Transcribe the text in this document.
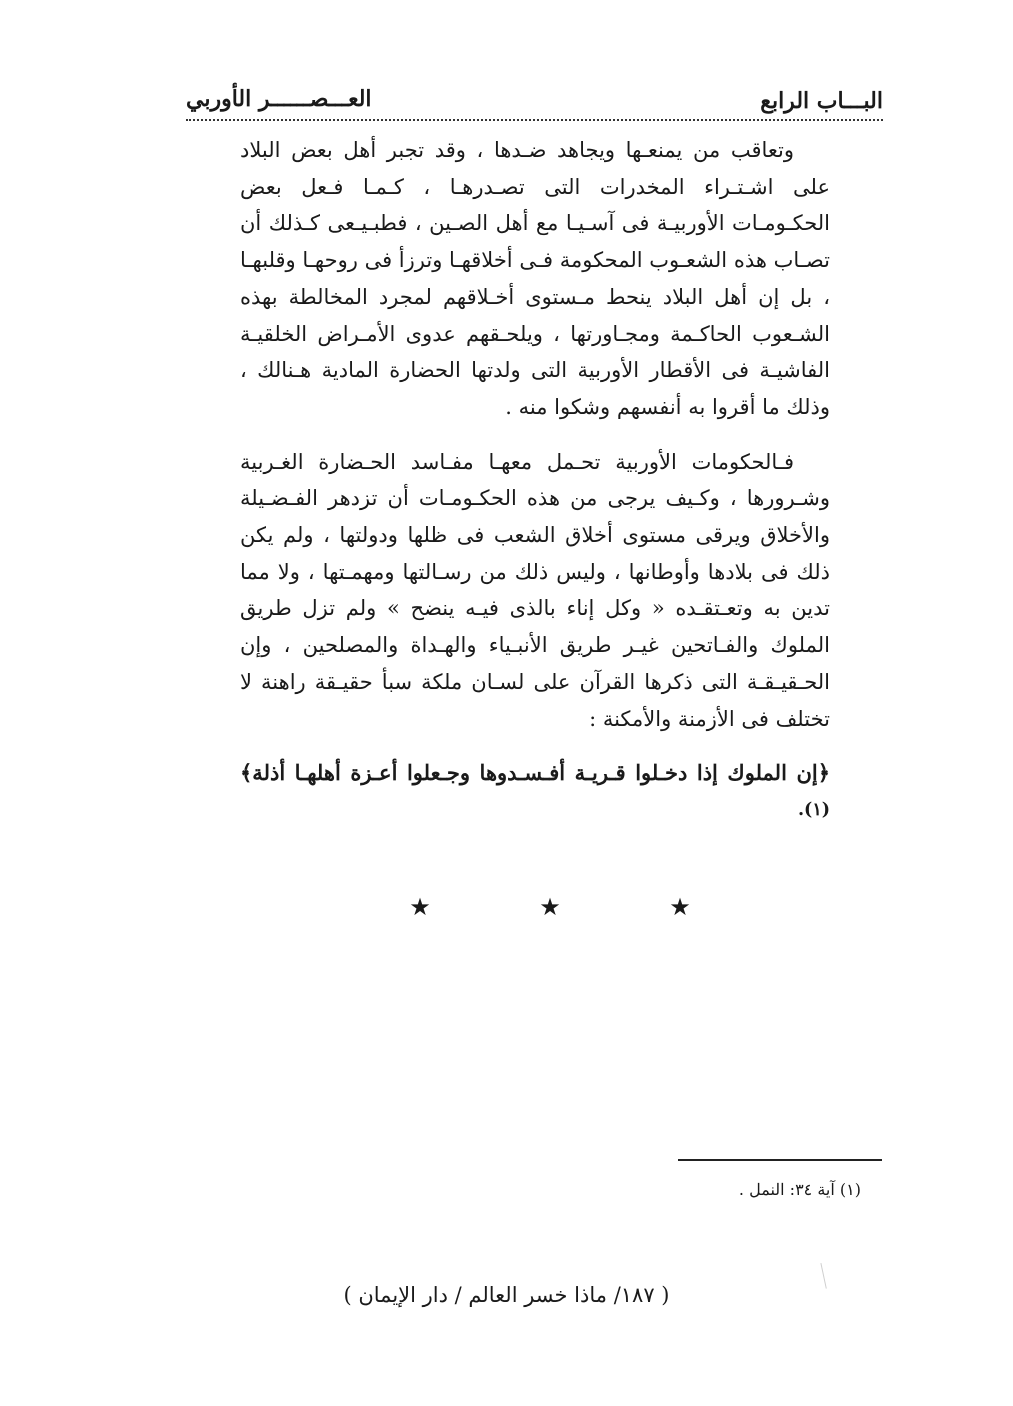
البـــاب الرابع
العـــصــــــر الأوربي

وتعاقب من يمنعـها ويجاهد ضـدها ، وقد تجبر أهل بعض البلاد على اشـتـراء المخدرات التى تصـدرهـا ، كـمـا فـعل بعض الحكـومـات الأوربيـة فى آسـيـا مع أهل الصـين ، فطبـيـعى كـذلك أن تصـاب هذه الشعـوب المحكومة فـى أخلاقهـا وترزأ فى روحهـا وقلبهـا ، بل إن أهل البلاد ينحط مـستوى أخـلاقهم لمجرد المخالطة بهذه الشـعوب الحاكـمة ومجـاورتها ، ويلحـقهم عدوى الأمـراض الخلقيـة الفاشيـة فى الأقطار الأوربية التى ولدتها الحضارة المادية هـنالك ، وذلك ما أقروا به أنفسهم وشكوا منه .

فـالحكومات الأوربية تحـمل معهـا مفـاسد الحـضارة الغـربية وشـرورها ، وكـيف يرجى من هذه الحكـومـات أن تزدهر الفـضـيلة والأخلاق ويرقى مستوى أخلاق الشعب فى ظلها ودولتها ، ولم يكن ذلك فى بلادها وأوطانها ، وليس ذلك من رسـالتها ومهمـتها ، ولا مما تدين به وتعـتقـده « وكل إناء بالذى فيـه ينضح » ولم تزل طريق الملوك والفـاتحين غيـر طريق الأنبـياء والهـداة والمصلحين ، وإن الحـقيـقـة التى ذكرها القرآن على لسـان ملكة سبأ حقيـقة راهنة لا تختلف فى الأزمنة والأمكنة :

﴿إن الملوك إذا دخـلوا قـريـة أفـسـدوها وجـعلوا أعـزة أهلهـا أذلة﴾$^{(١).}$

★	★	★
(١) آية ٣٤: النمل .
( ١٨٧/ ماذا خسر العالم / دار الإيمان )
